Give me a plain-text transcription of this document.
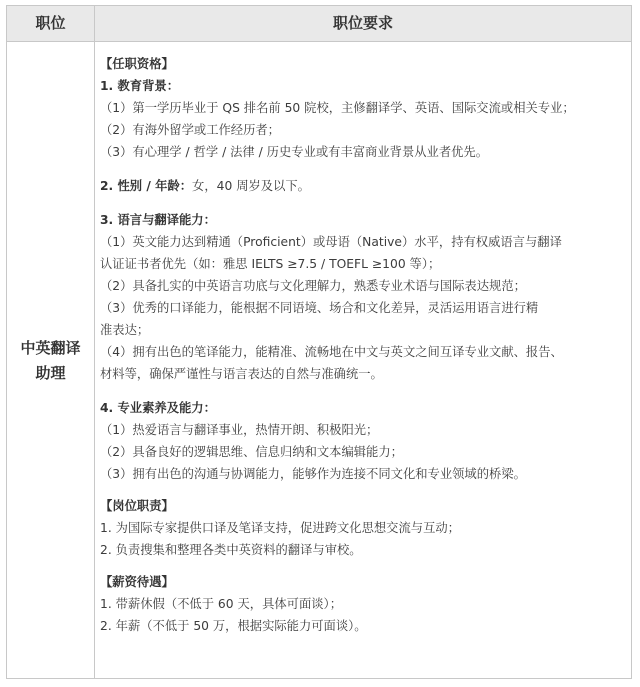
职位	职位要求
中英翻译
助理

【任职资格】

1. 教育背景：

（1）第一学历毕业于 QS 排名前 50 院校，主修翻译学、英语、国际交流或相关专业；

（2）有海外留学或工作经历者；

（3）有心理学 / 哲学 / 法律 / 历史专业或有丰富商业背景从业者优先。

2. 性别 / 年龄：女，40 周岁及以下。

3. 语言与翻译能力：

（1）英文能力达到精通（Proficient）或母语（Native）水平，持有权威语言与翻译

认证证书者优先（如：雅思 IELTS ≥7.5 / TOEFL ≥100 等）；

（2）具备扎实的中英语言功底与文化理解力，熟悉专业术语与国际表达规范；

（3）优秀的口译能力，能根据不同语境、场合和文化差异，灵活运用语言进行精

准表达；

（4）拥有出色的笔译能力，能精准、流畅地在中文与英文之间互译专业文献、报告、

材料等，确保严谨性与语言表达的自然与准确统一。

4. 专业素养及能力：

（1）热爱语言与翻译事业，热情开朗、积极阳光；

（2）具备良好的逻辑思维、信息归纳和文本编辑能力；

（3）拥有出色的沟通与协调能力，能够作为连接不同文化和专业领域的桥梁。

【岗位职责】

1. 为国际专家提供口译及笔译支持，促进跨文化思想交流与互动；

2. 负责搜集和整理各类中英资料的翻译与审校。

【薪资待遇】

1. 带薪休假（不低于 60 天，具体可面谈）；

2. 年薪（不低于 50 万，根据实际能力可面谈）。
